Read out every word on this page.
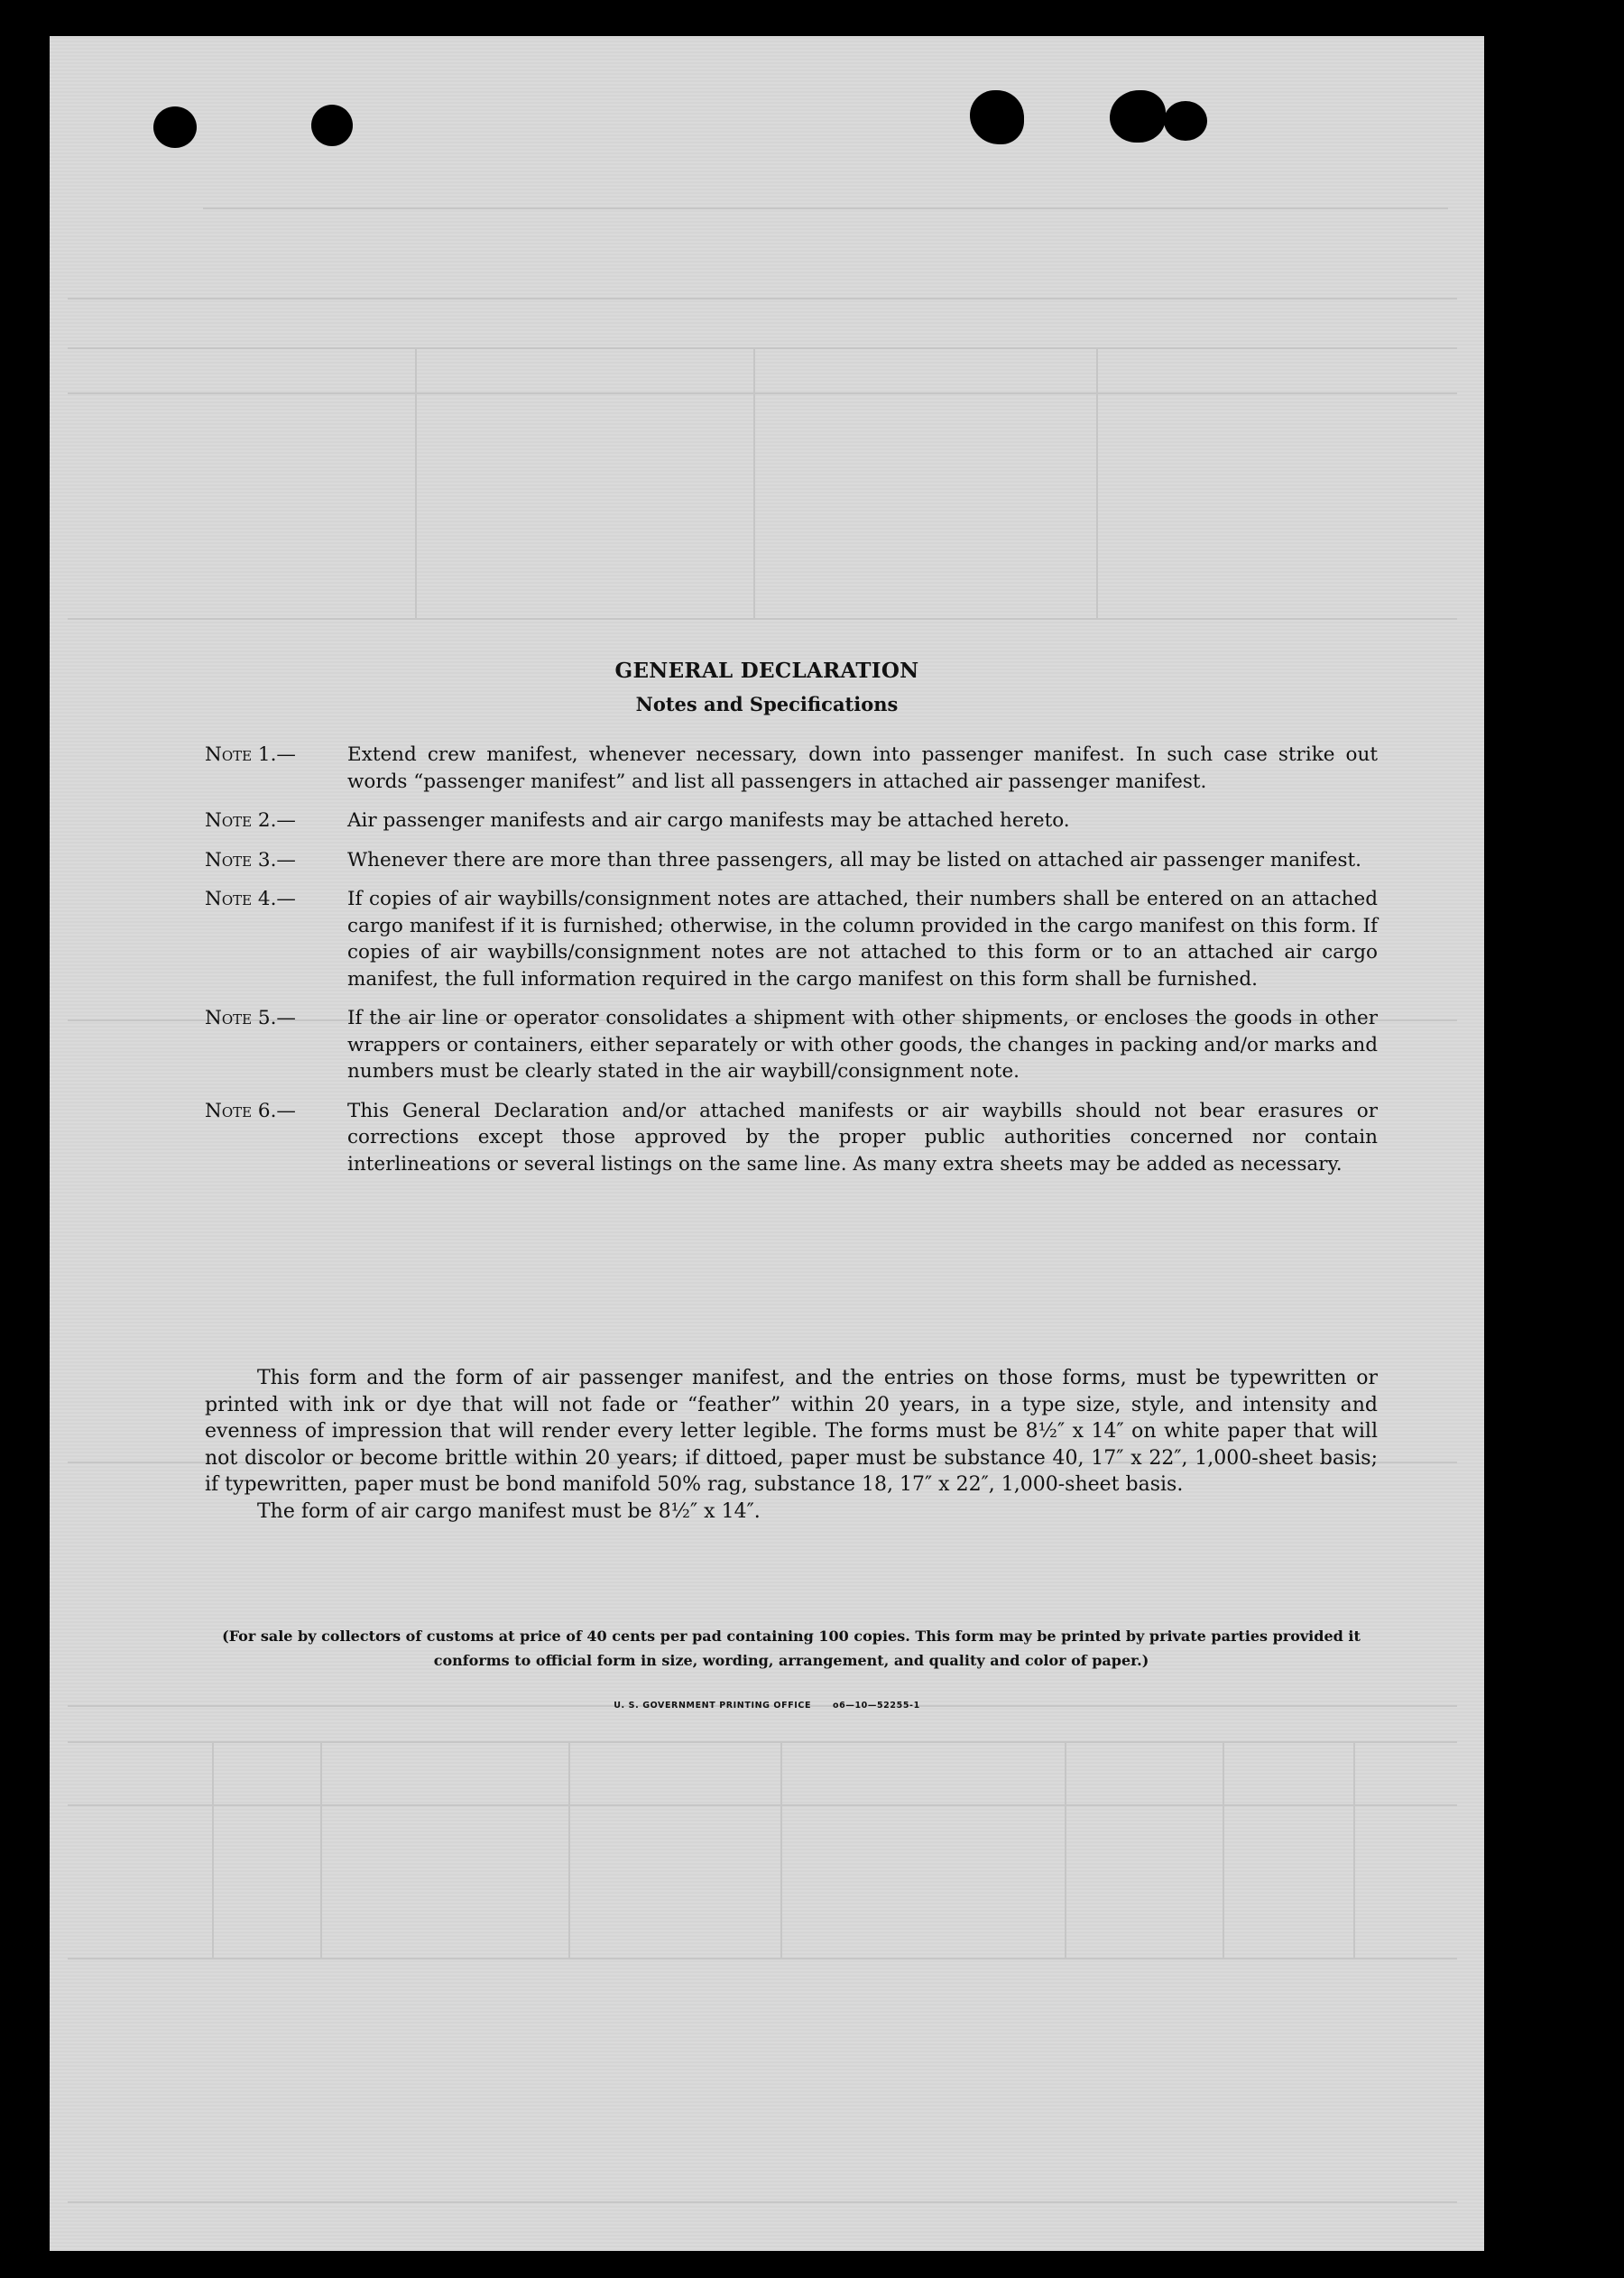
GENERAL DECLARATION
Notes and Specifications
Note 1.—	Extend crew manifest, whenever necessary, down into passenger manifest. In such case strike out words “passenger manifest” and list all passengers in attached air passenger manifest.
Note 2.—	Air passenger manifests and air cargo manifests may be attached hereto.
Note 3.—	Whenever there are more than three passengers, all may be listed on attached air passenger manifest.
Note 4.—	If copies of air waybills/consignment notes are attached, their numbers shall be entered on an attached cargo manifest if it is furnished; otherwise, in the column provided in the cargo manifest on this form. If copies of air waybills/consignment notes are not attached to this form or to an attached air cargo manifest, the full information required in the cargo manifest on this form shall be furnished.
Note 5.—	If the air line or operator consolidates a shipment with other shipments, or encloses the goods in other wrappers or containers, either separately or with other goods, the changes in packing and/or marks and numbers must be clearly stated in the air waybill/consignment note.
Note 6.—	This General Declaration and/or attached manifests or air waybills should not bear erasures or corrections except those approved by the proper public authorities concerned nor contain interlineations or several listings on the same line. As many extra sheets may be added as necessary.

This form and the form of air passenger manifest, and the entries on those forms, must be typewritten or printed with ink or dye that will not fade or “feather” within 20 years, in a type size, style, and intensity and evenness of impression that will render every letter legible. The forms must be 8½″ x 14″ on white paper that will not discolor or become brittle within 20 years; if dittoed, paper must be substance 40, 17″ x 22″, 1,000-sheet basis; if typewritten, paper must be bond manifold 50% rag, substance 18, 17″ x 22″, 1,000-sheet basis.

The form of air cargo manifest must be 8½″ x 14″.

(For sale by collectors of customs at price of 40 cents per pad containing 100 copies. This form may be printed by private parties provided it conforms to official form in size, wording, arrangement, and quality and color of paper.)
U. S. GOVERNMENT PRINTING OFFICE	o6—10—52255-1
